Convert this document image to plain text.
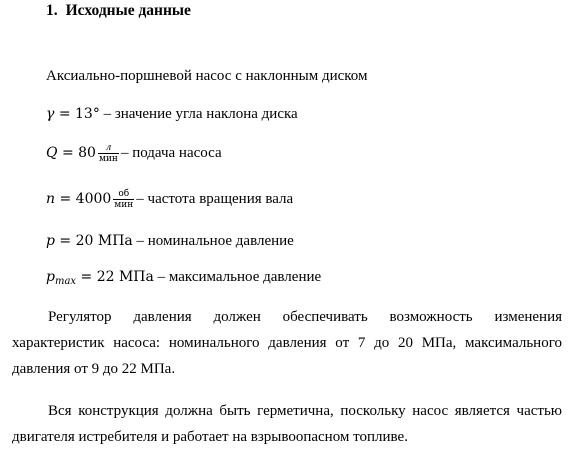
1. Исходные данные
Аксиально-поршневой насос с наклонным диском
γ = 13° – значение угла наклона диска
$Q = 80 \frac{л}{\text{мин}}$ – подача насоса
$n = 4000 \frac{об}{\text{мин}}$ – частота вращения вала
p = 20 МПа – номинальное давление
$p_{max} = 22$ МПа – максимальное давление
Регулятор давления должен обеспечивать возможность изменения характеристик насоса: номинального давления от 7 до 20 МПа, максимального давления от 9 до 22 МПа.
Вся конструкция должна быть герметична, поскольку насос является частью двигателя истребителя и работает на взрывоопасном топливе.
